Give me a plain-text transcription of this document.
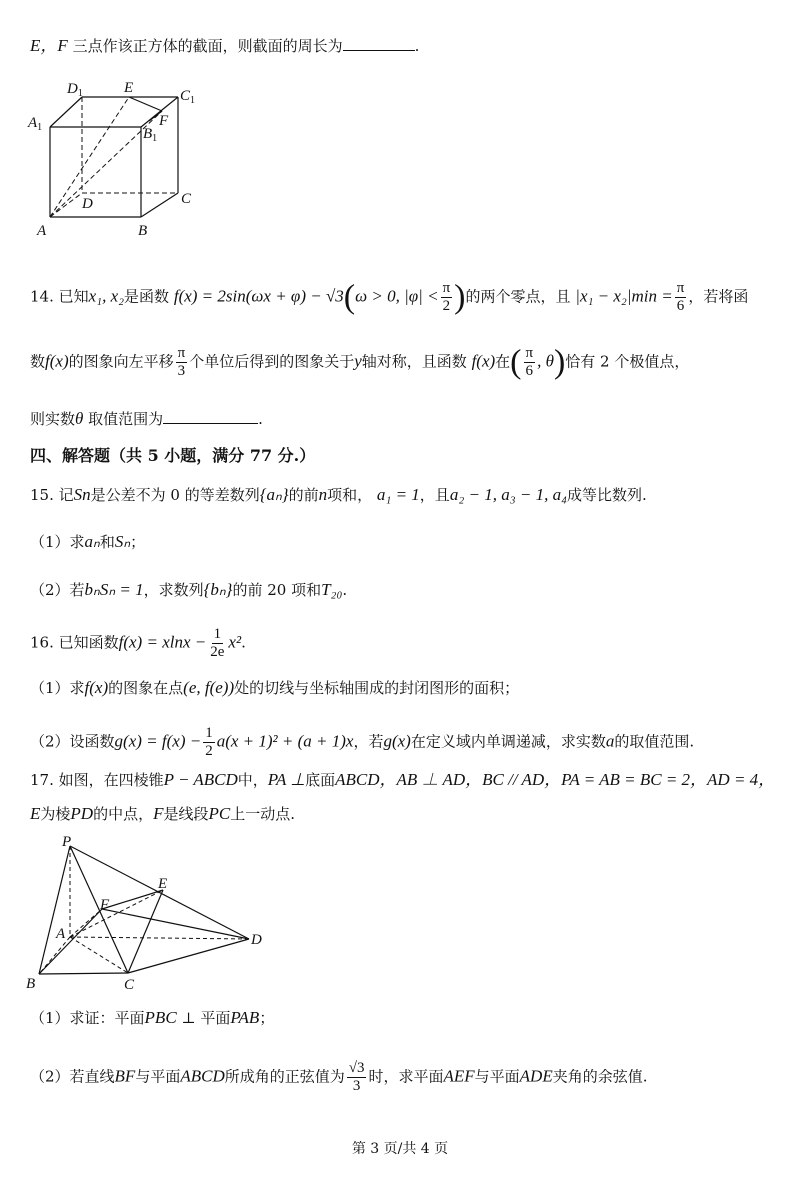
E，F 三点作该正方体的截面，则截面的周长为	.
$D_1$	E	$C_1$
$A_1$	F
$B_1$
D	C
A	B
14. 已知x₁, x₂是函数 f(x) = 2sin(ωx + φ) − √3(ω > 0, $|\varphi| < \frac{\pi}{2}$ )的两个零点，且 $|x_1 - x_2|\min = \frac{\pi}{6}$ ，若将函
数f(x)的图象向左平移 $\frac{\pi}{3}$ 个单位后得到的图象关于y轴对称，且函数 f(x)在( $\frac{\pi}{6}$ , θ)恰有 2 个极值点，
则实数θ 取值范围为	.
四、解答题（共 5 小题，满分 77 分.）
15. 记Sn是公差不为 0 的等差数列{aₙ}的前n项和， a₁ = 1，且a₂ − 1, a₃ − 1, a₄成等比数列.
（1）求aₙ和Sₙ；
（2）若bₙSₙ = 1，求数列{bₙ}的前 20 项和T₂₀.
16. 已知函数$f(x) = xlnx - \frac{1}{2e} x^2$.
（1）求f(x)的图象在点(e, f(e))处的切线与坐标轴围成的封闭图形的面积；
（2）设函数$g(x) = f(x) - \frac{1}{2} a(x + 1)^2 + (a + 1)x$，若g(x)在定义域内单调递减，求实数a的取值范围.
17. 如图，在四棱锥P − ABCD中，PA ⊥底面ABCD，AB ⊥ AD，BC // AD，PA = AB = BC = 2，AD = 4，
E为棱PD的中点，F是线段PC上一动点.
P
E
F
A	D
B	C
（1）求证：平面PBC ⊥ 平面PAB；
（2）若直线BF与平面ABCD所成角的正弦值为 $\frac{√3}{3}$ 时，求平面AEF与平面ADE夹角的余弦值.
第 3 页/共 4 页
